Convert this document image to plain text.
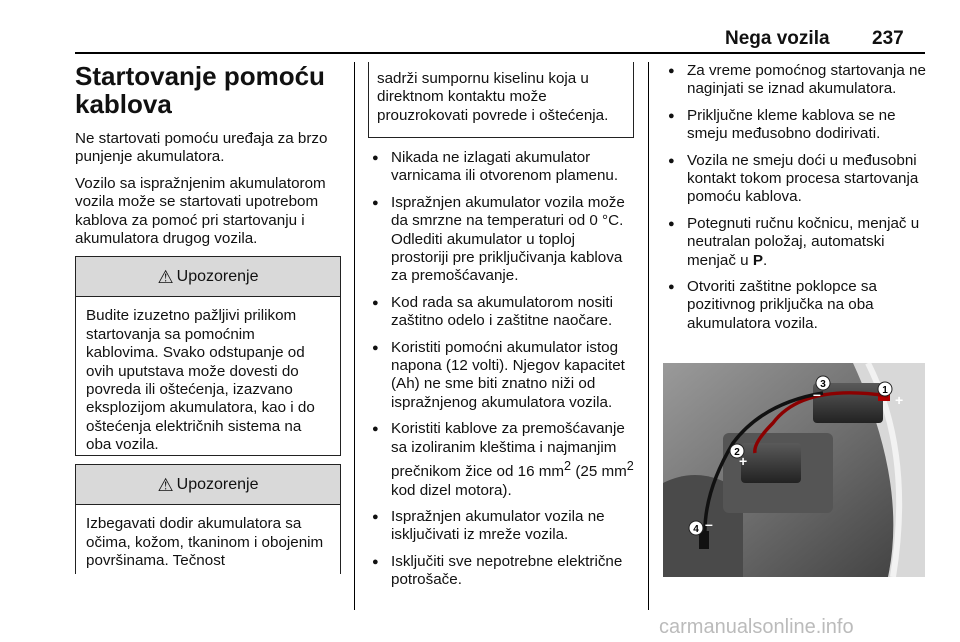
Nega vozila 237
Startovanje pomoću kablova

Ne startovati pomoću uređaja za brzo punjenje akumulatora.

Vozilo sa ispražnjenim akumulatorom vozila može se startovati upotrebom kablova za pomoć pri startovanju i akumulatora drugog vozila.

⚠ Upozorenje
Budite izuzetno pažljivi prilikom startovanja sa pomoćnim kablovima. Svako odstupanje od ovih uputstava može dovesti do povreda ili oštećenja, izazvano eksplozijom akumulatora, kao i do oštećenja električnih sistema na oba vozila.
⚠ Upozorenje
Izbegavati dodir akumulatora sa očima, kožom, tkaninom i obojenim površinama. Tečnost
sadrži sumpornu kiselinu koja u direktnom kontaktu može prouzrokovati povrede i oštećenja.
● Nikada ne izlagati akumulator varnicama ili otvorenom plamenu.
● Ispražnjen akumulator vozila može da smrzne na temperaturi od 0 °C. Odlediti akumulator u toploj prostoriji pre priključivanja kablova za premošćavanje.
● Kod rada sa akumulatorom nositi zaštitno odelo i zaštitne naočare.
● Koristiti pomoćni akumulator istog napona (12 volti). Njegov kapacitet (Ah) ne sme biti znatno niži od ispražnjenog akumulatora vozila.
● Koristiti kablove za premošćavanje sa izoliranim kleštima i najmanjim prečnikom žice od 16 $mm^2$ (25 $mm^2$ kod dizel motora).
● Ispražnjen akumulator vozila ne isključivati iz mreže vozila.
● Isključiti sve nepotrebne električne potrošače.
● Za vreme pomoćnog startovanja ne naginjati se iznad akumulatora.
● Priključne kleme kablova se ne smeju međusobno dodirivati.
● Vozila ne smeju doći u međusobni kontakt tokom procesa startovanja pomoću kablova.
● Potegnuti ručnu kočnicu, menjač u neutralan položaj, automatski menjač u P.
● Otvoriti zaštitne poklopce sa pozitivnog priključka na oba akumulatora vozila.
1
+
2
+
3
–
4 –
carmanualsonline.info
